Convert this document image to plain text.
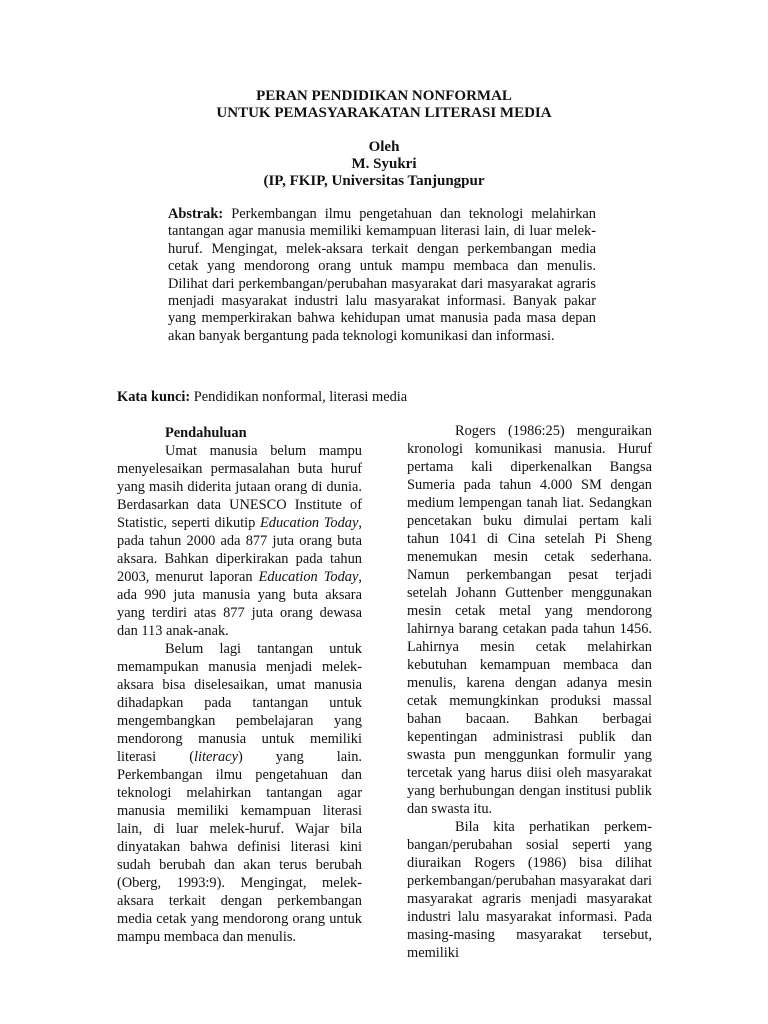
PERAN PENDIDIKAN NONFORMAL
UNTUK PEMASYARAKATAN LITERASI MEDIA
Oleh
M. Syukri
(IP, FKIP, Universitas Tanjungpur
Abstrak: Perkembangan ilmu pengetahuan dan teknologi melahirkan tantangan agar manusia memiliki kemampuan literasi lain, di luar melek-huruf. Mengingat, melek-aksara terkait dengan perkembangan media cetak yang mendorong orang untuk mampu membaca dan menulis. Dilihat dari perkembangan/perubahan masyarakat dari masyarakat agraris menjadi masyarakat industri lalu masyarakat informasi. Banyak pakar yang memperkirakan bahwa kehidupan umat manusia pada masa depan akan banyak bergantung pada teknologi komunikasi dan informasi.
Kata kunci: Pendidikan nonformal, literasi media

Pendahuluan

Umat manusia belum mampu menyelesaikan permasalahan buta huruf yang masih diderita jutaan orang di dunia. Berdasarkan data UNESCO Institute of Statistic, seperti dikutip Education Today, pada tahun 2000 ada 877 juta orang buta aksara. Bahkan diperkirakan pada tahun 2003, menurut laporan Education Today, ada 990 juta manusia yang buta aksara yang terdiri atas 877 juta orang dewasa dan 113 anak-anak.

Belum lagi tantangan untuk memampukan manusia menjadi melek-aksara bisa diselesaikan, umat manusia dihadapkan pada tantangan untuk mengembangkan pembelajaran yang mendorong manusia untuk memiliki literasi (literacy) yang lain. Perkembangan ilmu pengetahuan dan teknologi melahirkan tantangan agar manusia memiliki kemampuan literasi lain, di luar melek-huruf. Wajar bila dinyatakan bahwa definisi literasi kini sudah berubah dan akan terus berubah (Oberg, 1993:9). Mengingat, melek-aksara terkait dengan perkembangan media cetak yang mendorong orang untuk mampu membaca dan menulis.

Rogers (1986:25) menguraikan kronologi komunikasi manusia. Huruf pertama kali diperkenalkan Bangsa Sumeria pada tahun 4.000 SM dengan medium lempengan tanah liat. Sedangkan pencetakan buku dimulai pertam kali tahun 1041 di Cina setelah Pi Sheng menemukan mesin cetak sederhana. Namun perkembangan pesat terjadi setelah Johann Guttenber menggunakan mesin cetak metal yang mendorong lahirnya barang cetakan pada tahun 1456. Lahirnya mesin cetak melahirkan kebutuhan kemampuan membaca dan menulis, karena dengan adanya mesin cetak memungkinkan produksi massal bahan bacaan. Bahkan berbagai kepentingan administrasi publik dan swasta pun menggunkan formulir yang tercetak yang harus diisi oleh masyarakat yang berhubungan dengan institusi publik dan swasta itu.

Bila kita perhatikan perkem-bangan/perubahan sosial seperti yang diuraikan Rogers (1986) bisa dilihat perkembangan/perubahan masyarakat dari masyarakat agraris menjadi masyarakat industri lalu masyarakat informasi. Pada masing-masing masyarakat tersebut, memiliki
